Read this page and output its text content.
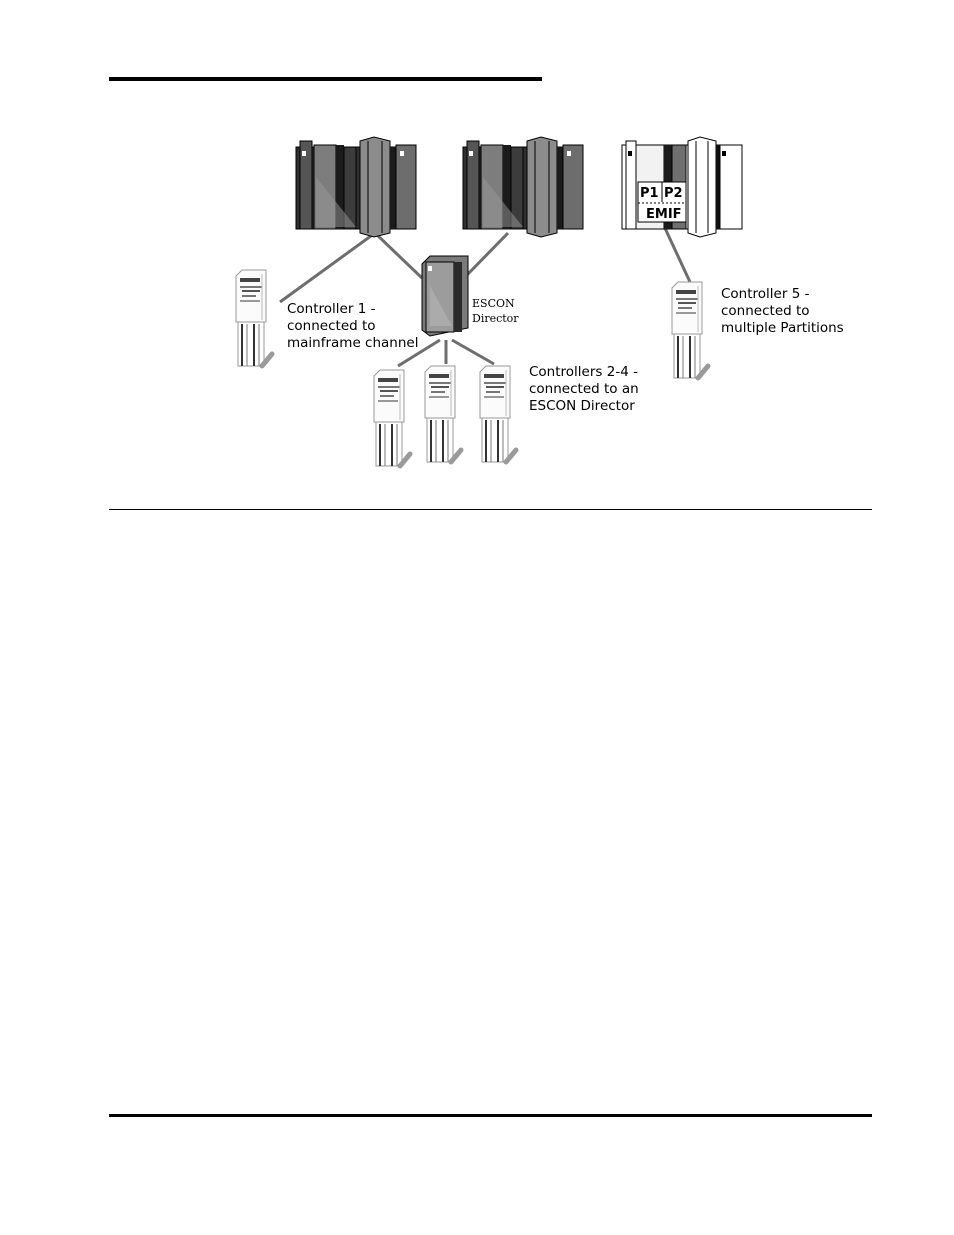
P1 P2
EMIF
ESCON
Director
Controller 1 -
connected to
mainframe channel
Controllers 2-4 -
connected to an
ESCON Director
Controller 5 -
connected to
multiple Partitions
